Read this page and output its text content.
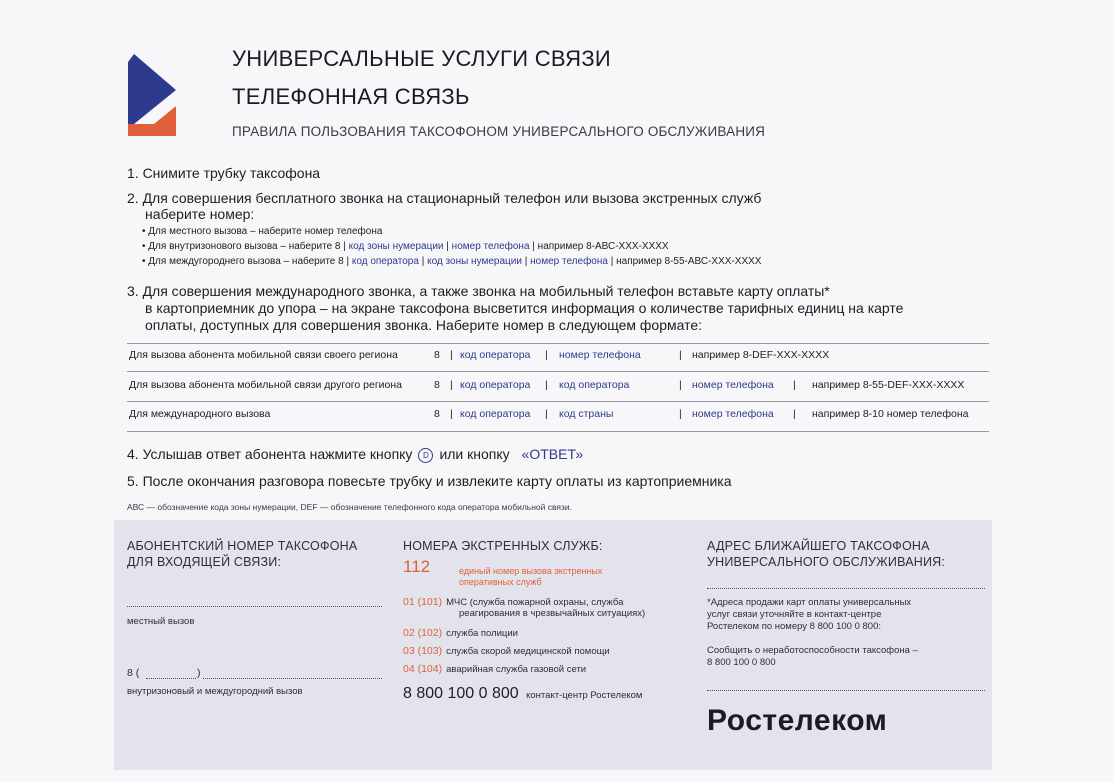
УНИВЕРСАЛЬНЫЕ УСЛУГИ СВЯЗИ
ТЕЛЕФОННАЯ СВЯЗЬ
ПРАВИЛА ПОЛЬЗОВАНИЯ ТАКСОФОНОМ УНИВЕРСАЛЬНОГО ОБСЛУЖИВАНИЯ
1. Снимите трубку таксофона
2. Для совершения бесплатного звонка на стационарный телефон или вызова экстренных служб
наберите номер:
• Для местного вызова – наберите номер телефона
• Для внутризонового вызова – наберите 8 | код зоны нумерации | номер телефона | например 8-АВС-XXX-XXXX
• Для междугороднего вызова – наберите 8 | код оператора | код зоны нумерации | номер телефона | например 8-55-АВС-XXX-XXXX
3. Для совершения международного звонка, а также звонка на мобильный телефон вставьте карту оплаты*
в картоприемник до упора – на экране таксофона высветится информация о количестве тарифных единиц на карте
оплаты, доступных для совершения звонка. Наберите номер в следующем формате:
Для вызова абонента мобильной связи своего региона	8 | код оператора | номер телефона	| например 8-DEF-XXX-XXXX
Для вызова абонента мобильной связи другого региона	8 | код оператора | код оператора	| номер телефона | например 8-55-DEF-XXX-XXXX
Для международного вызова	8 | код оператора | код страны	| номер телефона | например 8-10 номер телефона
4. Услышав ответ абонента нажмите кнопку D или кнопку «ОТВЕТ»
5. После окончания разговора повесьте трубку и извлеките карту оплаты из картоприемника
АВС — обозначение кода зоны нумерации, DEF — обозначение телефонного кода оператора мобильной связи.
АБОНЕНТСКИЙ НОМЕР ТАКСОФОНА
ДЛЯ ВХОДЯЩЕЙ СВЯЗИ:
местный вызов
8 (	)
внутризоновый и междугородний вызов
НОМЕРА ЭКСТРЕННЫХ СЛУЖБ:
112	единый номер вызова экстренных
оперативных служб
01 (101) МЧС (служба пожарной охраны, служба
реагирования в чрезвычайных ситуациях)
02 (102) служба полиции
03 (103) служба скорой медицинской помощи
04 (104) аварийная служба газовой сети
8 800 100 0 800 контакт-центр Ростелеком
АДРЕС БЛИЖАЙШЕГО ТАКСОФОНА
УНИВЕРСАЛЬНОГО ОБСЛУЖИВАНИЯ:
*Адреса продажи карт оплаты универсальных
услуг связи уточняйте в контакт-центре
Ростелеком по номеру 8 800 100 0 800:
Сообщить о неработоспособности таксофона –
8 800 100 0 800
Ростелеком
